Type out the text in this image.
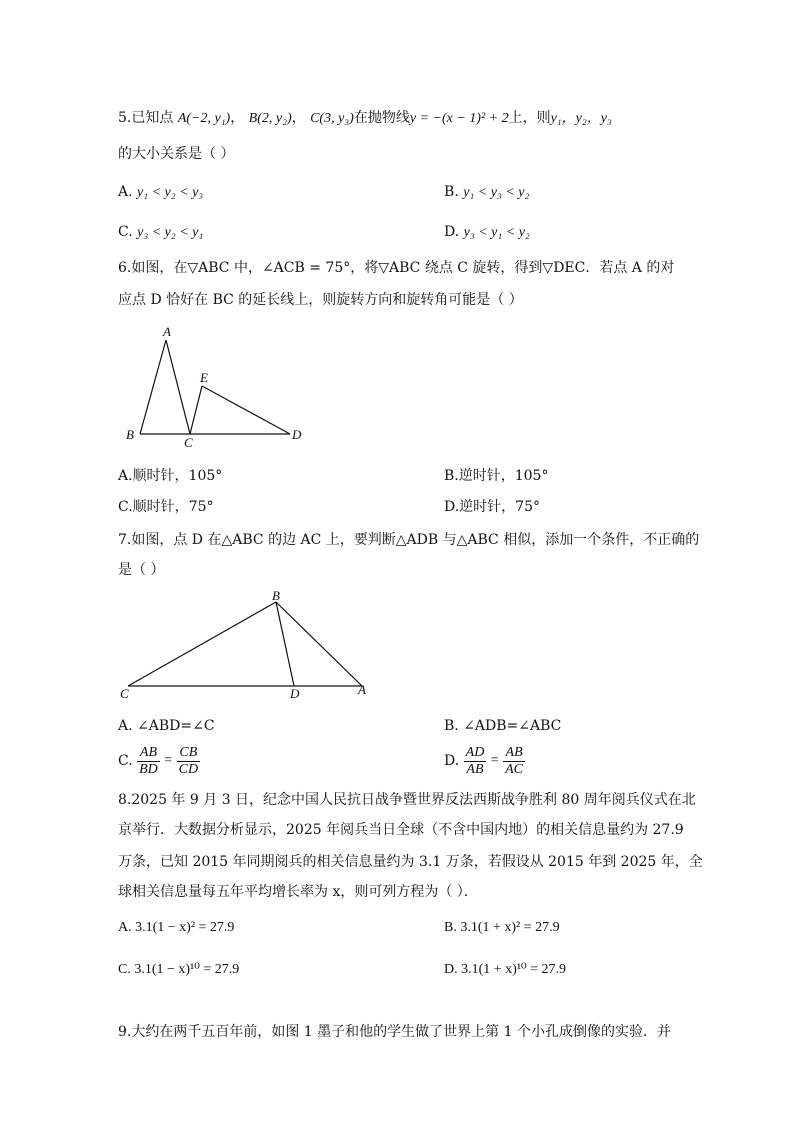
5.已知点 A(−2, y₁)， B(2, y₂)， C(3, y₃)在抛物线y = −(x − 1)² + 2上，则y₁，y₂，y₃
的大小关系是（ ）
A. y₁ < y₂ < y₃	B. y₁ < y₃ < y₂
C. y₃ < y₂ < y₁	D. y₃ < y₁ < y₂
6.如图，在▽ABC 中，∠ACB = 75°，将▽ABC 绕点 C 旋转，得到▽DEC．若点 A 的对
应点 D 恰好在 BC 的延长线上，则旋转方向和旋转角可能是（ ）
A
B
C
D
E
A.顺时针，105°	B.逆时针，105°
C.顺时针，75°	D.逆时针，75°
7.如图，点 D 在△ABC 的边 AC 上，要判断△ADB 与△ABC 相似，添加一个条件，不正确的
是（ ）
B
C	D	A
A. ∠ABD=∠C	B. ∠ADB=∠ABC
C. $\frac{AB}{BD} = \frac{CB}{CD}$	D. $\frac{AD}{AB} = \frac{AB}{AC}$
8.2025 年 9 月 3 日，纪念中国人民抗日战争暨世界反法西斯战争胜利 80 周年阅兵仪式在北
京举行．大数据分析显示，2025 年阅兵当日全球（不含中国内地）的相关信息量约为 27.9
万条，已知 2015 年同期阅兵的相关信息量约为 3.1 万条，若假设从 2015 年到 2025 年，全
球相关信息量每五年平均增长率为 x，则可列方程为（ ）．
A. 3.1(1 − x)² = 27.9	B. 3.1(1 + x)² = 27.9
C. 3.1(1 − x)¹⁰ = 27.9	D. 3.1(1 + x)¹⁰ = 27.9
9.大约在两千五百年前，如图 1 墨子和他的学生做了世界上第 1 个小孔成倒像的实验．并
